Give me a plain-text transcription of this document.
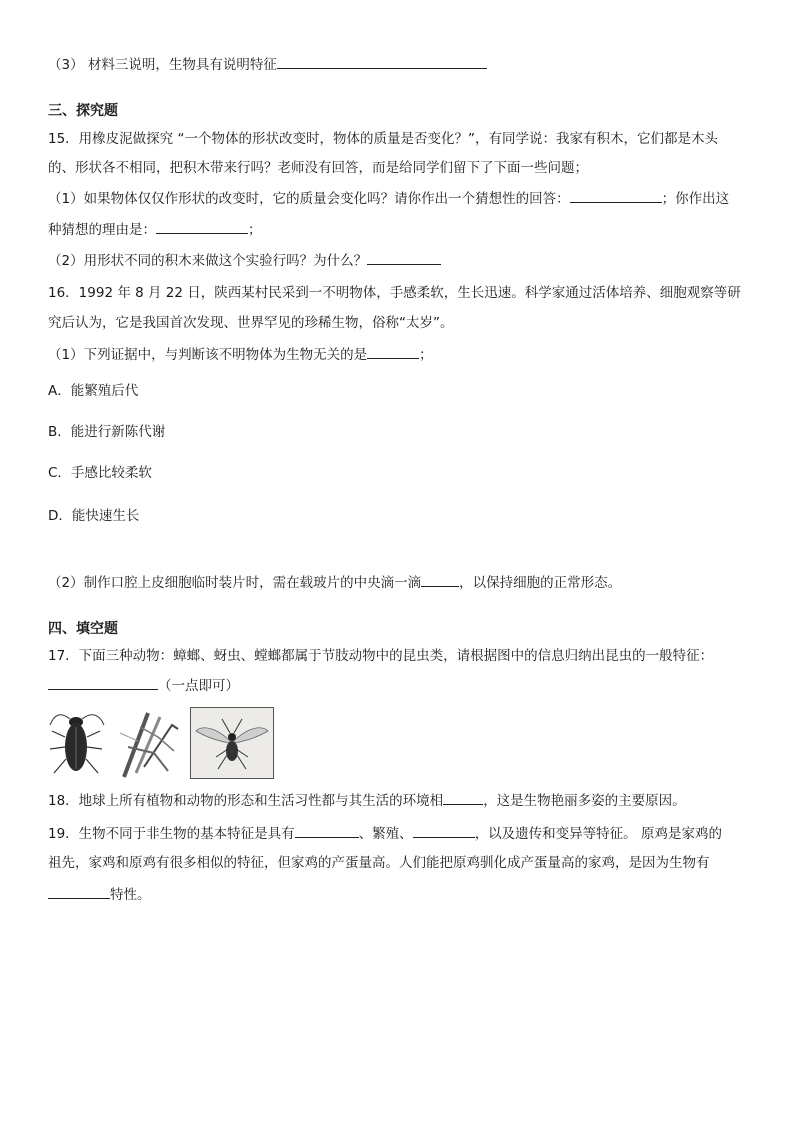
（3） 材料三说明，生物具有说明特征
三、探究题
15．用橡皮泥做探究 “一个物体的形状改变时，物体的质量是否变化？”，有同学说：我家有积木，它们都是木头
的、形状各不相同，把积木带来行吗？老师没有回答，而是给同学们留下了下面一些问题；
（1）如果物体仅仅作形状的改变时，它的质量会变化吗？请你作出一个猜想性的回答：	；你作出这
种猜想的理由是：	；
（2）用形状不同的积木来做这个实验行吗？为什么？
16．1992 年 8 月 22 日，陕西某村民采到一不明物体，手感柔软，生长迅速。科学家通过活体培养、细胞观察等研
究后认为，它是我国首次发现、世界罕见的珍稀生物，俗称“太岁”。
（1）下列证据中，与判断该不明物体为生物无关的是	；
A．能繁殖后代
B．能进行新陈代谢
C．手感比较柔软
D．能快速生长
（2）制作口腔上皮细胞临时装片时，需在载玻片的中央滴一滴	，以保持细胞的正常形态。
四、填空题
17．下面三种动物：蟑螂、蚜虫、螳螂都属于节肢动物中的昆虫类，请根据图中的信息归纳出昆虫的一般特征：
（一点即可）
18．地球上所有植物和动物的形态和生活习性都与其生活的环境相	，这是生物艳丽多姿的主要原因。
19．生物不同于非生物的基本特征是具有	、繁殖、	，以及遗传和变异等特征。 原鸡是家鸡的
祖先，家鸡和原鸡有很多相似的特征，但家鸡的产蛋量高。人们能把原鸡驯化成产蛋量高的家鸡，是因为生物有
特性。
